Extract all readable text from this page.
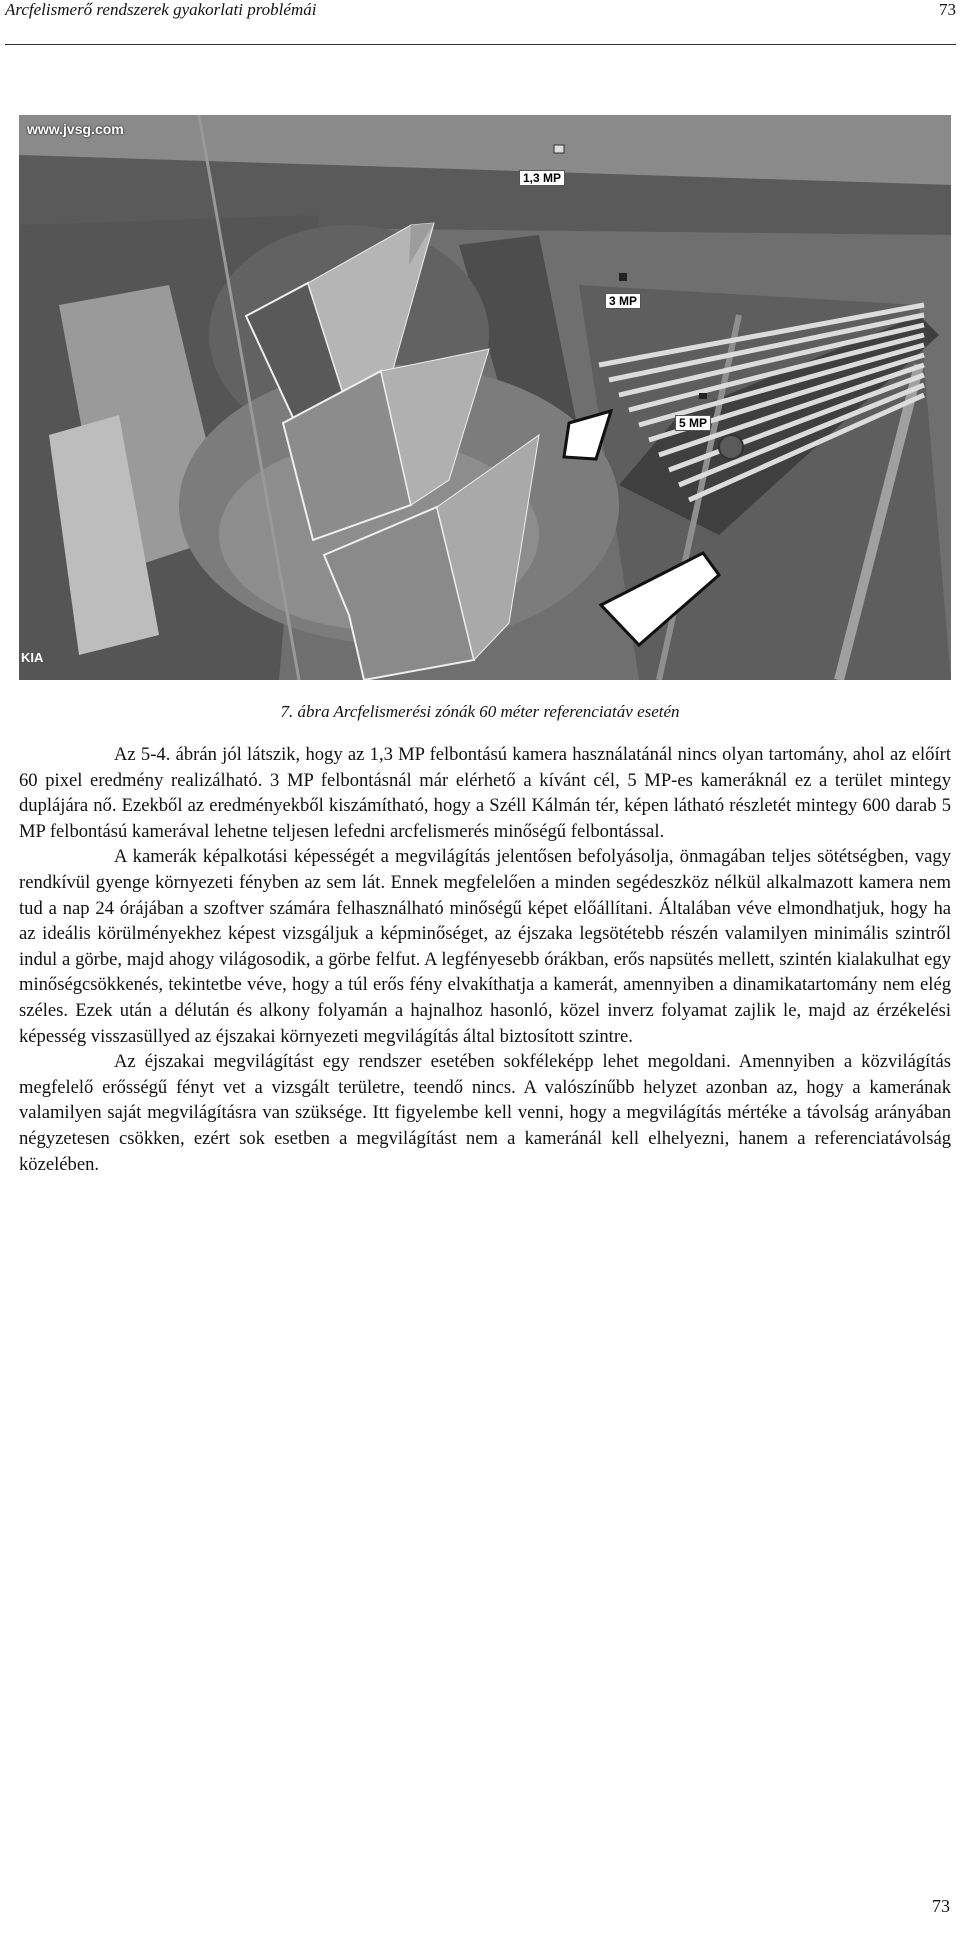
Arcfelismerő rendszerek gyakorlati problémái	73
www.jvsg.com
KIA
1,3 MP
3 MP
5 MP
7. ábra Arcfelismerési zónák 60 méter referenciatáv esetén

Az 5-4. ábrán jól látszik, hogy az 1,3 MP felbontású kamera használatánál nincs olyan tartomány, ahol az előírt 60 pixel eredmény realizálható. 3 MP felbontásnál már elérhető a kívánt cél, 5 MP-es kameráknál ez a terület mintegy duplájára nő. Ezekből az eredményekből kiszámítható, hogy a Széll Kálmán tér, képen látható részletét mintegy 600 darab 5 MP felbontású kamerával lehetne teljesen lefedni arcfelismerés minőségű felbontással.

A kamerák képalkotási képességét a megvilágítás jelentősen befolyásolja, önmagában teljes sötétségben, vagy rendkívül gyenge környezeti fényben az sem lát. Ennek megfelelően a minden segédeszköz nélkül alkalmazott kamera nem tud a nap 24 órájában a szoftver számára felhasználható minőségű képet előállítani. Általában véve elmondhatjuk, hogy ha az ideális körülményekhez képest vizsgáljuk a képminőséget, az éjszaka legsötétebb részén valamilyen minimális szintről indul a görbe, majd ahogy világosodik, a görbe felfut. A legfényesebb órákban, erős napsütés mellett, szintén kialakulhat egy minőségcsökkenés, tekintetbe véve, hogy a túl erős fény elvakíthatja a kamerát, amennyiben a dinamikatartomány nem elég széles. Ezek után a délután és alkony folyamán a hajnalhoz hasonló, közel inverz folyamat zajlik le, majd az érzékelési képesség visszasüllyed az éjszakai környezeti megvilágítás által biztosított szintre.

Az éjszakai megvilágítást egy rendszer esetében sokféleképp lehet megoldani. Amennyiben a közvilágítás megfelelő erősségű fényt vet a vizsgált területre, teendő nincs. A valószínűbb helyzet azonban az, hogy a kamerának valamilyen saját megvilágításra van szüksége. Itt figyelembe kell venni, hogy a megvilágítás mértéke a távolság arányában négyzetesen csökken, ezért sok esetben a megvilágítást nem a kameránál kell elhelyezni, hanem a referenciatávolság közelében.

73
